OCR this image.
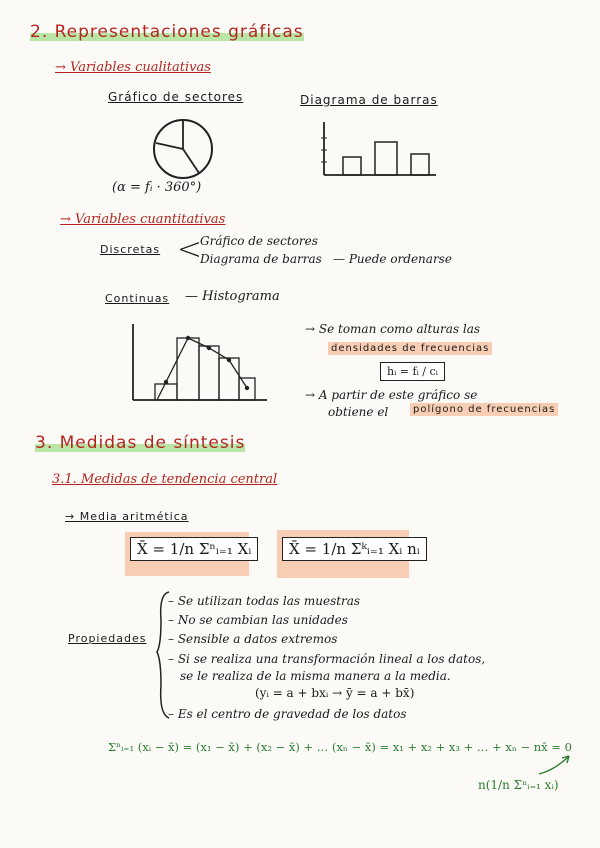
2. Representaciones gráficas
→ Variables cualitativas
Gráfico de sectores	Diagrama de barras
(α = fᵢ · 360°)
→ Variables cuantitativas
Discretas <
Gráfico de sectores
Diagrama de barras — Puede ordenarse
Continuas — Histograma
→ Se toman como alturas las
densidades de frecuencias
hᵢ = fᵢ / cᵢ
→ A partir de este gráfico se
obtiene el	polígono de frecuencias
3. Medidas de síntesis
3.1. Medidas de tendencia central
→ Media aritmética
X̄ = 1/n Σⁿᵢ₌₁ Xᵢ	X̄ = 1/n Σᵏᵢ₌₁ Xᵢ nᵢ
Propiedades
– Se utilizan todas las muestras
– No se cambian las unidades
– Sensible a datos extremos
– Si se realiza una transformación lineal a los datos,
se le realiza de la misma manera a la media.
(yᵢ = a + bxᵢ → ȳ = a + bx̄)
– Es el centro de gravedad de los datos
Σⁿᵢ₌₁ (xᵢ − x̄) = (x₁ − x̄) + (x₂ − x̄) + … (xₙ − x̄) = x₁ + x₂ + x₃ + … + xₙ − nx̄ = 0
n(1/n Σⁿᵢ₌₁ xᵢ)
